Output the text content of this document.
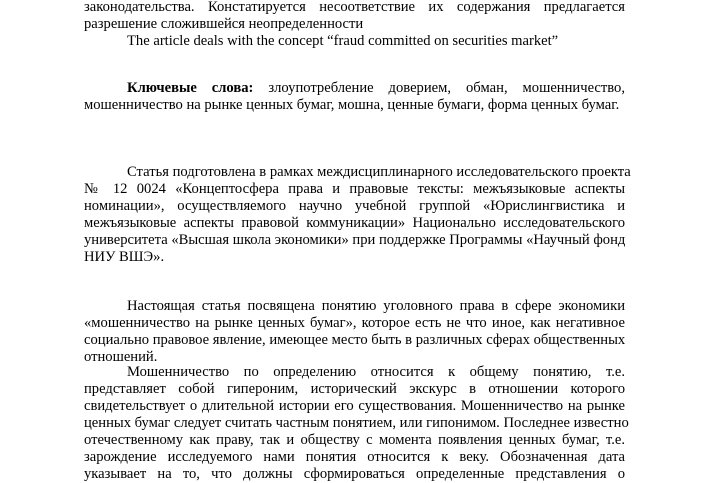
законодательства. Констатируется несоответствие их содержания предлагается
разрешение сложившейся неопределенности
The article deals with the concept “fraud committed on securities market”
Ключевые слова: злоупотребление доверием, обман, мошенничество,
мошенничество на рынке ценных бумаг, мошна, ценные бумаги, форма ценных бумаг.
Статья подготовлена в рамках междисциплинарного исследовательского проекта
№ 12 0024 «Концептосфера права и правовые тексты: межъязыковые аспекты
номинации», осуществляемого научно учебной группой «Юрислингвистика и
межъязыковые аспекты правовой коммуникации» Национально исследовательского
университета «Высшая школа экономики» при поддержке Программы «Научный фонд
НИУ ВШЭ».
Настоящая статья посвящена понятию уголовного права в сфере экономики
«мошенничество на рынке ценных бумаг», которое есть не что иное, как негативное
социально правовое явление, имеющее место быть в различных сферах общественных
отношений.
Мошенничество по определению относится к общему понятию, т.е.
представляет собой гипероним, исторический экскурс в отношении которого
свидетельствует о длительной истории его существования. Мошенничество на рынке
ценных бумаг следует считать частным понятием, или гипонимом. Последнее известно
отечественному как праву, так и обществу с момента появления ценных бумаг, т.е.
зарождение исследуемого нами понятия относится к веку. Обозначенная дата
указывает на то, что должны сформироваться определенные представления о
